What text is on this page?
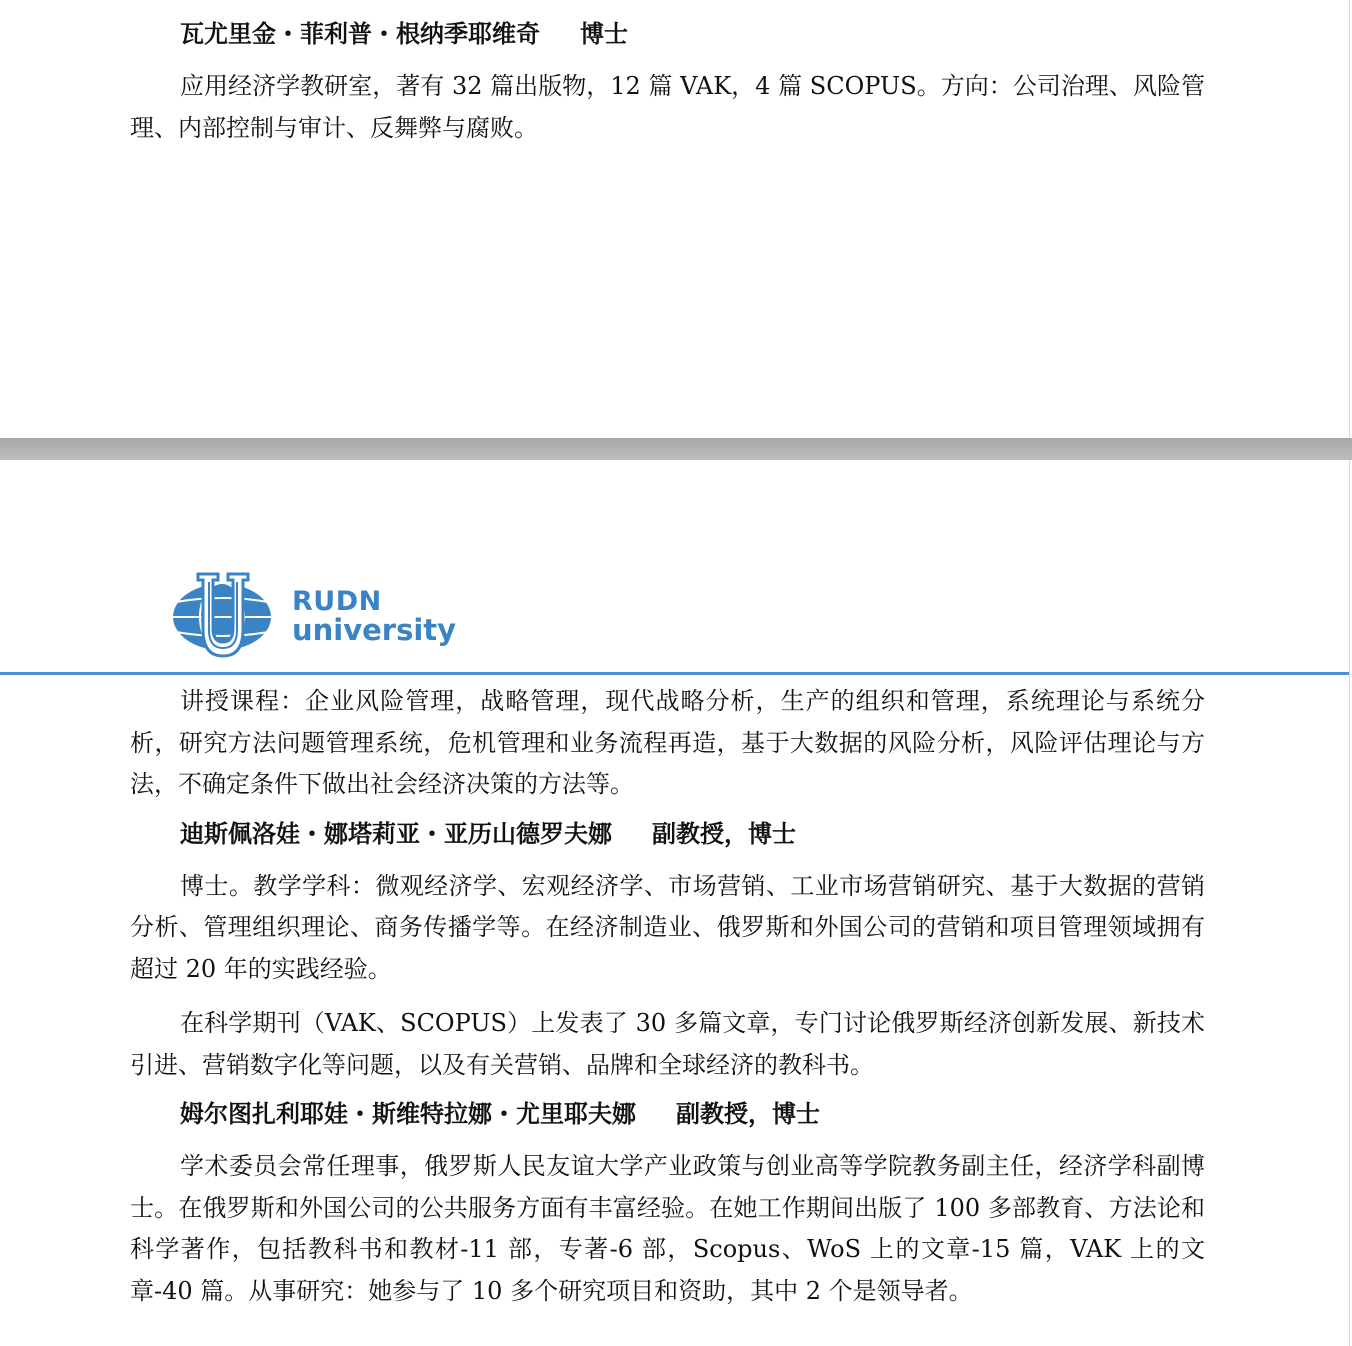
瓦尤里金・菲利普・根纳季耶维奇 博士

应用经济学教研室，著有 32 篇出版物，12 篇 VAK，4 篇 SCOPUS。方向：公司治理、风险管理、内部控制与审计、反舞弊与腐败。

RUDN
university

讲授课程：企业风险管理，战略管理，现代战略分析，生产的组织和管理，系统理论与系统分析，研究方法问题管理系统，危机管理和业务流程再造，基于大数据的风险分析，风险评估理论与方法，不确定条件下做出社会经济决策的方法等。

迪斯佩洛娃・娜塔莉亚・亚历山德罗夫娜 副教授，博士

博士。教学学科：微观经济学、宏观经济学、市场营销、工业市场营销研究、基于大数据的营销分析、管理组织理论、商务传播学等。在经济制造业、俄罗斯和外国公司的营销和项目管理领域拥有超过 20 年的实践经验。

在科学期刊（VAK、SCOPUS）上发表了 30 多篇文章，专门讨论俄罗斯经济创新发展、新技术引进、营销数字化等问题，以及有关营销、品牌和全球经济的教科书。

姆尔图扎利耶娃・斯维特拉娜・尤里耶夫娜 副教授，博士

学术委员会常任理事，俄罗斯人民友谊大学产业政策与创业高等学院教务副主任，经济学科副博士。在俄罗斯和外国公司的公共服务方面有丰富经验。在她工作期间出版了 100 多部教育、方法论和科学著作，包括教科书和教材-11 部，专著-6 部，Scopus、WoS 上的文章-15 篇，VAK 上的文章-40 篇。从事研究：她参与了 10 多个研究项目和资助，其中 2 个是领导者。
